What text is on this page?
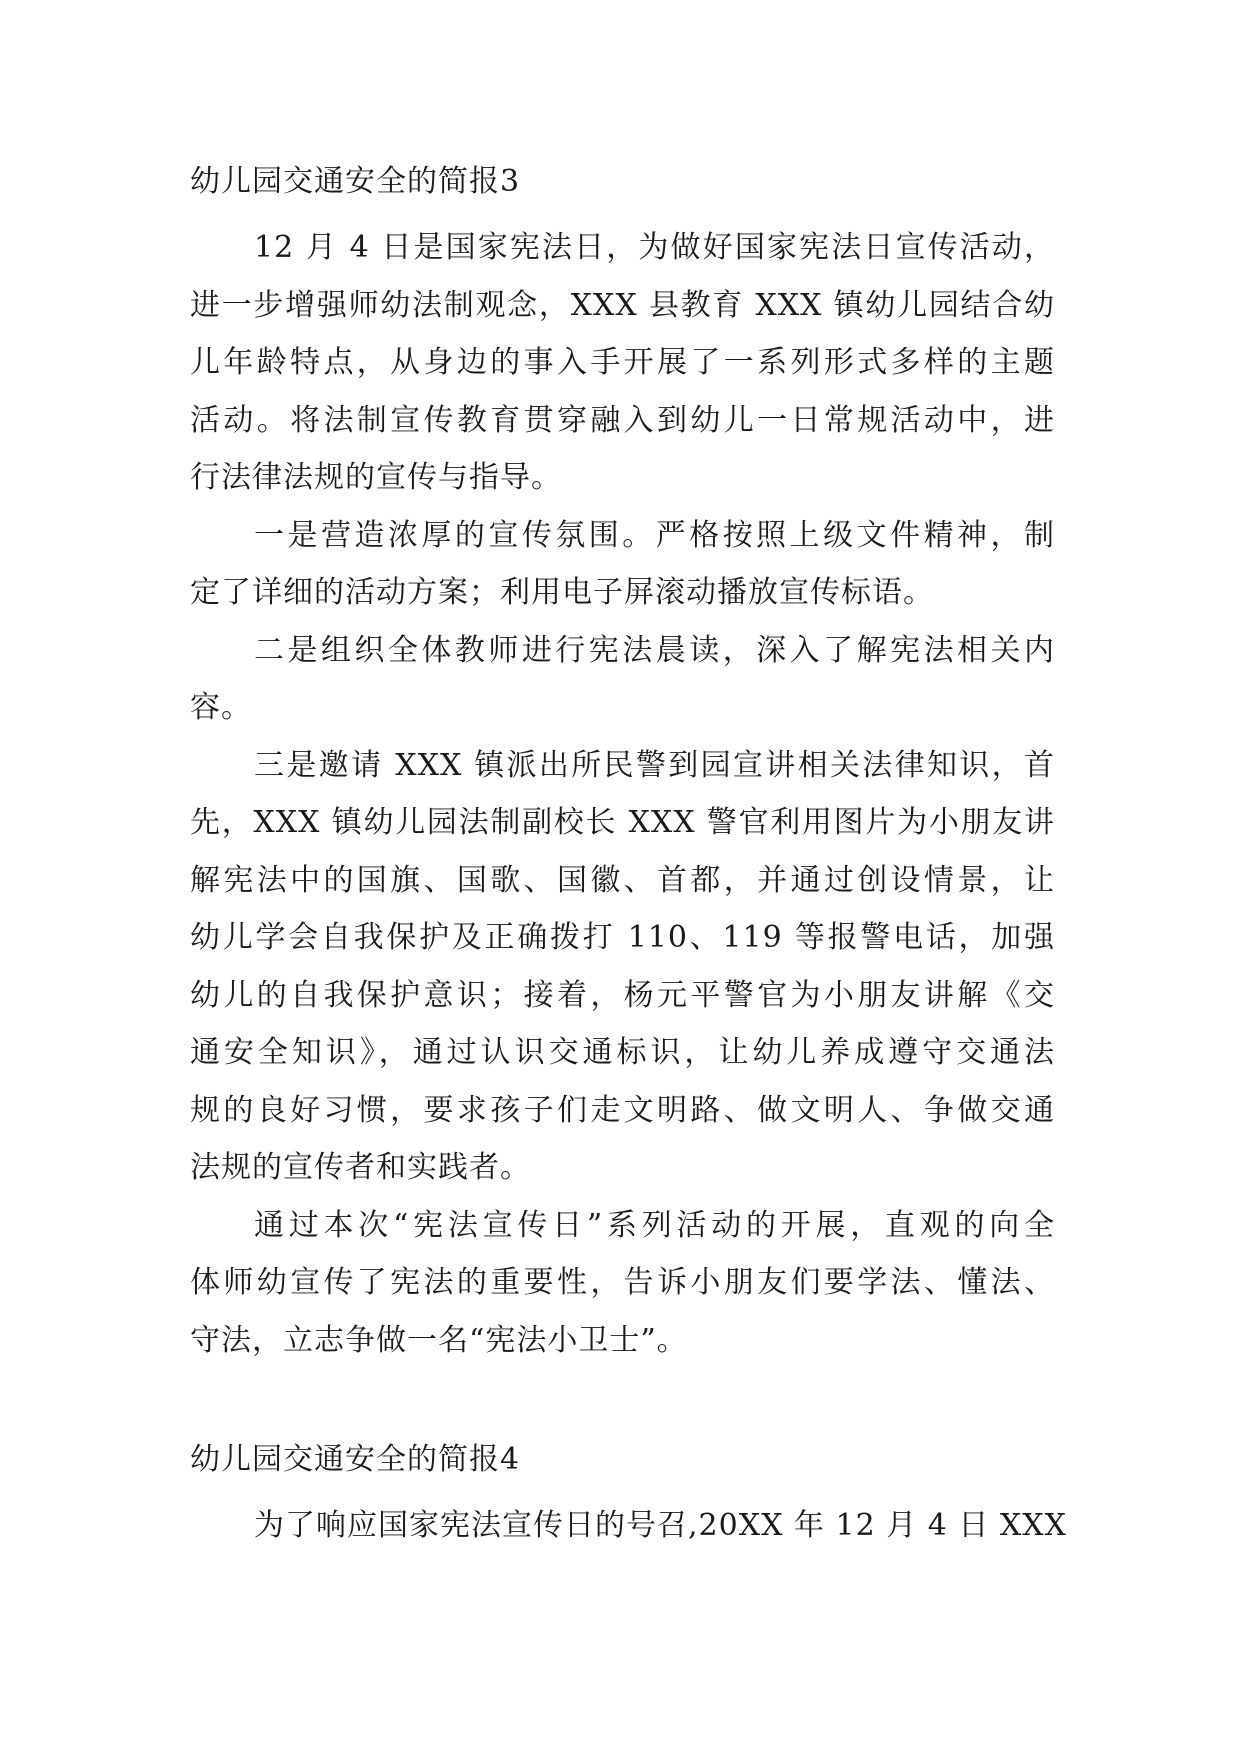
幼儿园交通安全的简报3

12 月 4 日是国家宪法日，为做好国家宪法日宣传活动，
进一步增强师幼法制观念，XXX 县教育 XXX 镇幼儿园结合幼
儿年龄特点，从身边的事入手开展了一系列形式多样的主题
活动。将法制宣传教育贯穿融入到幼儿一日常规活动中，进
行法律法规的宣传与指导。

一是营造浓厚的宣传氛围。严格按照上级文件精神，制
定了详细的活动方案；利用电子屏滚动播放宣传标语。

二是组织全体教师进行宪法晨读，深入了解宪法相关内
容。

三是邀请 XXX 镇派出所民警到园宣讲相关法律知识，首
先，XXX 镇幼儿园法制副校长 XXX 警官利用图片为小朋友讲
解宪法中的国旗、国歌、国徽、首都，并通过创设情景，让
幼儿学会自我保护及正确拨打 110、119 等报警电话，加强
幼儿的自我保护意识；接着，杨元平警官为小朋友讲解《交
通安全知识》，通过认识交通标识，让幼儿养成遵守交通法
规的良好习惯，要求孩子们走文明路、做文明人、争做交通
法规的宣传者和实践者。

通过本次“宪法宣传日”系列活动的开展，直观的向全
体师幼宣传了宪法的重要性，告诉小朋友们要学法、懂法、
守法，立志争做一名“宪法小卫士”。

幼儿园交通安全的简报4

为了响应国家宪法宣传日的号召,20XX 年 12 月 4 日 XXX
